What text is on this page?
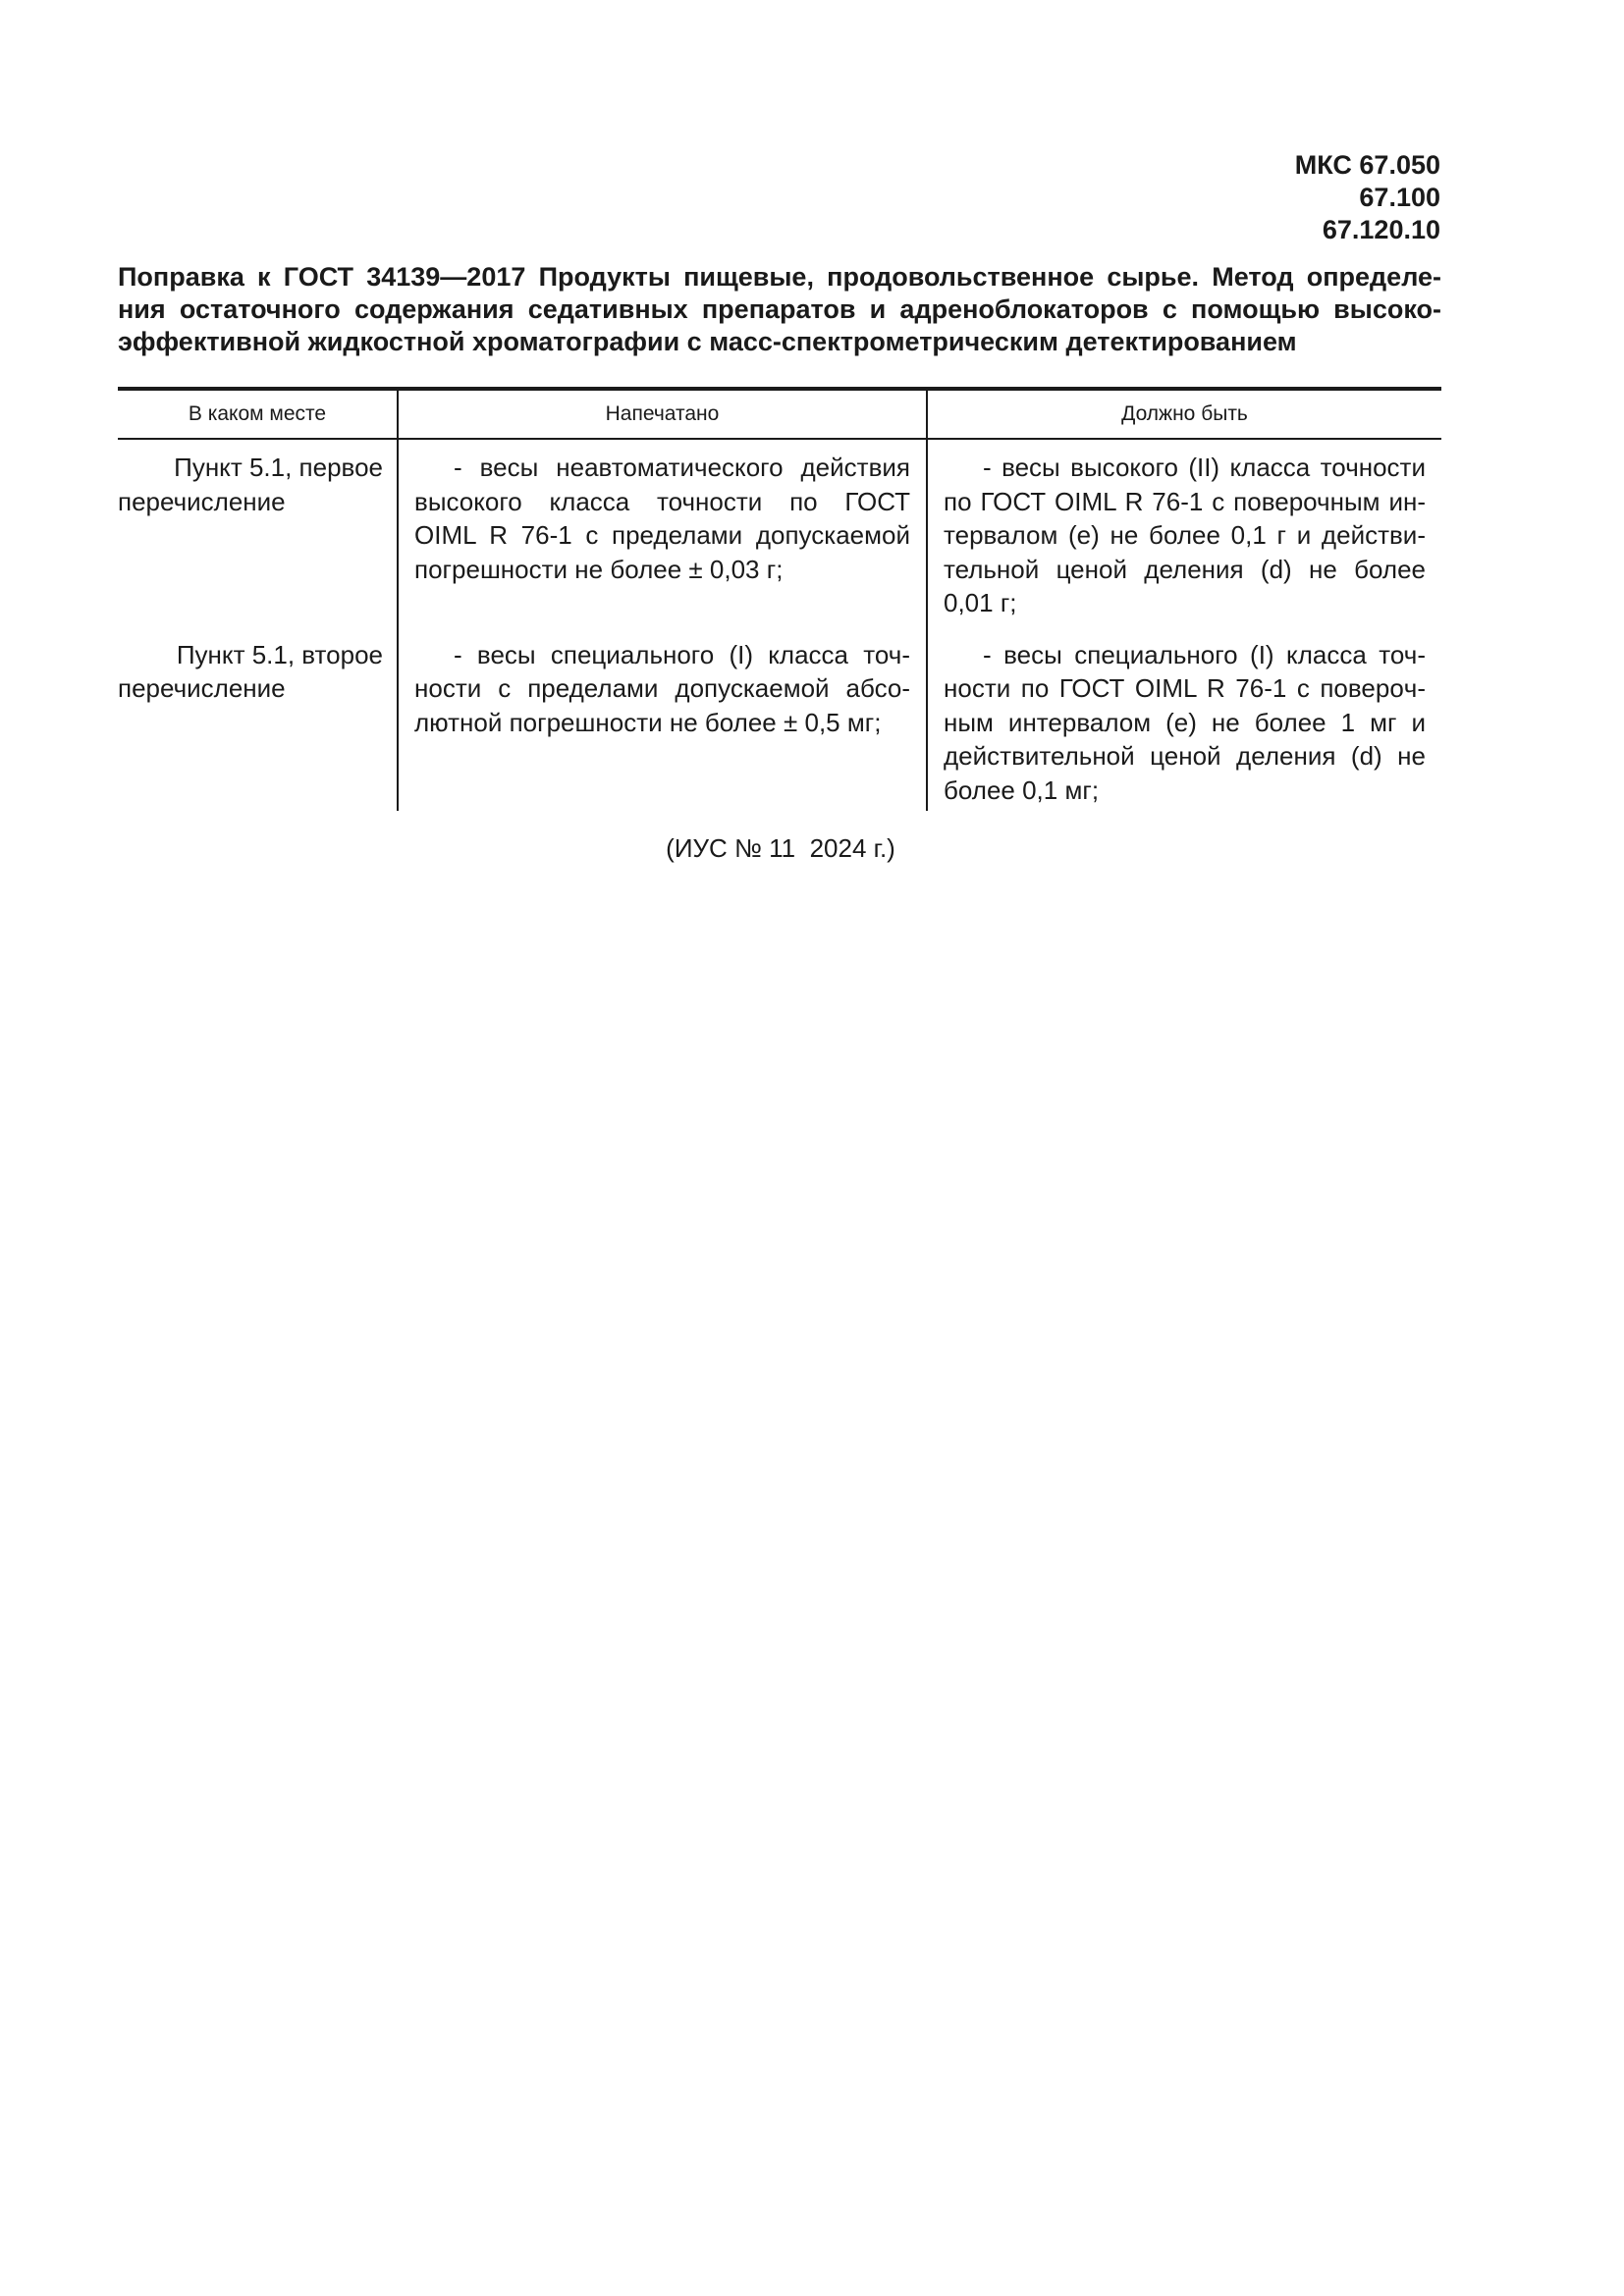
МКС 67.050
67.100
67.120.10
Поправка к ГОСТ 34139—2017 Продукты пищевые, продовольственное сырье. Метод определе-
ния остаточного содержания седативных препаратов и адреноблокаторов с помощью высоко-
эффективной жидкостной хроматографии с масс-спектрометрическим детектированием
В каком месте	Напечатано	Должно быть

Пункт 5.1, первое
перечисление	- весы неавтоматического действия
высокого класса точности по ГОСТ
OIML R 76-1 с пределами допускаемой
погрешности не более ± 0,03 г;	- весы высокого (II) класса точности
по ГОСТ OIML R 76-1 с поверочным ин-
тервалом (e) не более 0,1 г и действи-
тельной ценой деления (d) не более
0,01 г;

Пункт 5.1, второе
перечисление	- весы специального (I) класса точ-
ности с пределами допускаемой абсо-
лютной погрешности не более ± 0,5 мг;	- весы специального (I) класса точ-
ности по ГОСТ OIML R 76-1 с поверoч-
ным интервалом (e) не более 1 мг и
действительной ценой деления (d) не
более 0,1 мг;
(ИУС № 11  2024 г.)
